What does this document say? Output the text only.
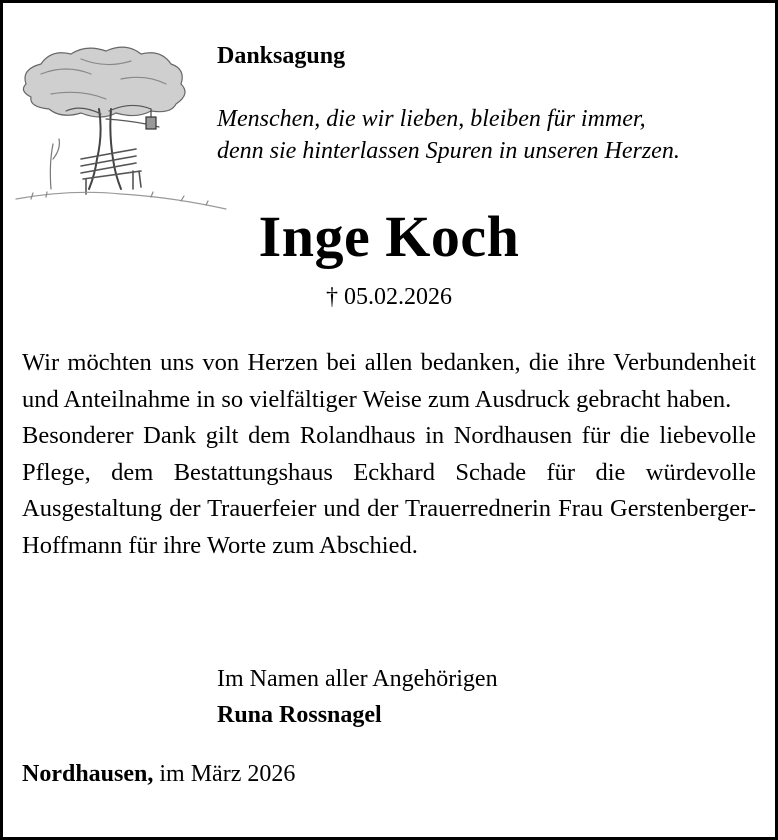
Danksagung
Menschen, die wir lieben, bleiben für immer,
denn sie hinterlassen Spuren in unseren Herzen.
Inge Koch
† 05.02.2026

Wir möchten uns von Herzen bei allen bedanken, die ihre Verbundenheit und Anteilnahme in so vielfältiger Weise zum Ausdruck gebracht haben.

Besonderer Dank gilt dem Rolandhaus in Nordhausen für die liebevolle Pflege, dem Bestattungshaus Eckhard Schade für die würdevolle Ausgestaltung der Trauerfeier und der Trauerrednerin Frau Gerstenberger-Hoffmann für ihre Worte zum Abschied.

Im Namen aller Angehörigen
Runa Rossnagel
Nordhausen, im März 2026
